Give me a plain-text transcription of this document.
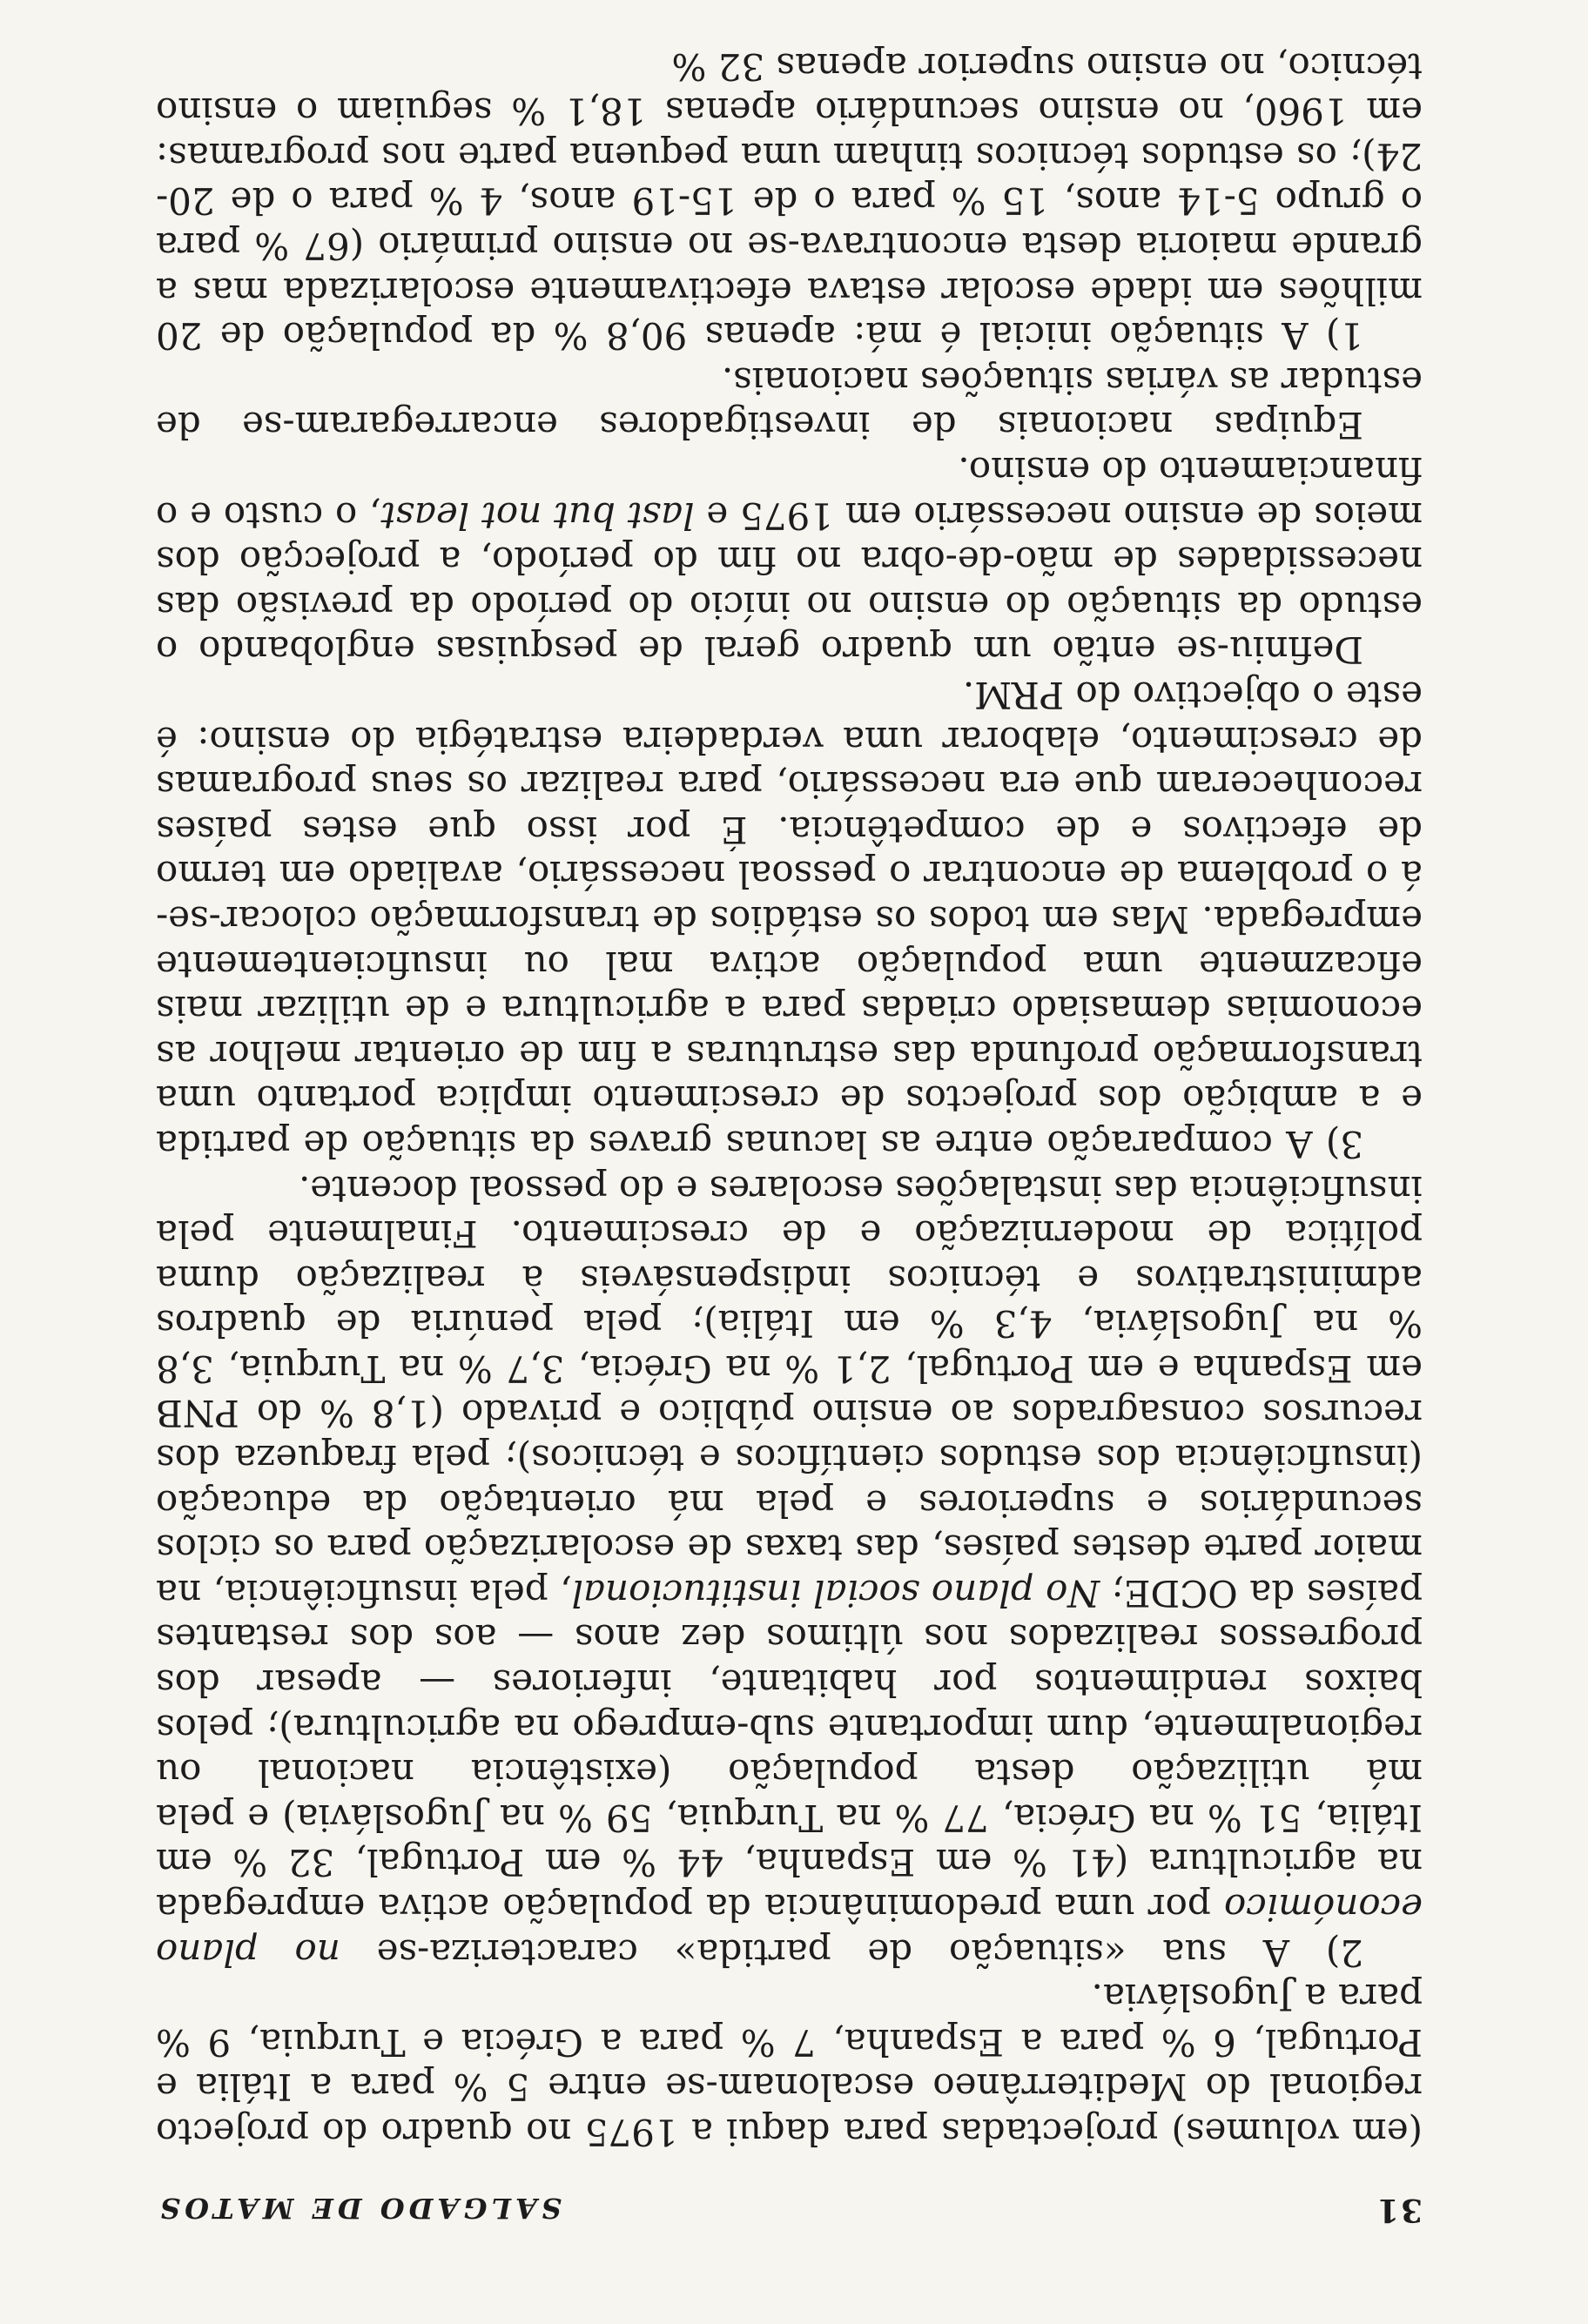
31
SALGADO DE MATOS

(em volumes) projectadas para daqui a 1975 no quadro do projecto regional do Mediterrâneo escalonam-se entre 5 % para a Itália e Portugal, 6 % para a Espanha, 7 % para a Grécia e Turquia, 9 % para a Jugoslávia.

2) A sua «situação de partida» caracteriza-se no plano económico por uma predominância da população activa empregada na agricultura (41 % em Espanha, 44 % em Portugal, 32 % em Itália, 51 % na Grécia, 77 % na Turquia, 59 % na Jugoslávia) e pela má utilização desta população (existência nacional ou regionalmente, dum importante sub-emprego na agricultura); pelos baixos rendimentos por habitante, inferiores — apesar dos progressos realizados nos últimos dez anos — aos dos restantes países da OCDE; No plano social institucional, pela insuficiência, na maior parte destes países, das taxas de escolarização para os ciclos secundários e superiores e pela má orientação da educação (insuficiência dos estudos científicos e técnicos); pela fraqueza dos recursos consagrados ao ensino público e privado (1,8 % do PNB em Espanha e em Portugal, 2,1 % na Grécia, 3,7 % na Turquia, 3,8 % na Jugoslávia, 4,3 % em Itália); pela penúria de quadros administrativos e técnicos indispensáveis à realização duma política de modernização e de crescimento. Finalmente pela insuficiência das instalações escolares e do pessoal docente.

3) A comparação entre as lacunas graves da situação de partida e a ambição dos projectos de crescimento implica portanto uma transformação profunda das estruturas a fim de orientar melhor as economias demasiado criadas para a agricultura e de utilizar mais eficazmente uma população activa mal ou insuficientemente empregada. Mas em todos os estádios de transformação colocar-se-á o problema de encontrar o pessoal necessário, avaliado em termo de efectivos e de competência. É por isso que estes países reconheceram que era necessário, para realizar os seus programas de crescimento, elaborar uma verdadeira estratégia do ensino: é este o objectivo do PRM.

Definiu-se então um quadro geral de pesquisas englobando o estudo da situação do ensino no início do período da previsão das necessidades de mão-de-obra no fim do período, a projecção dos meios de ensino necessário em 1975 e last but not least, o custo e o financiamento do ensino.

Equipas nacionais de investigadores encarregaram-se de estudar as várias situações nacionais.

1) A situação inicial é má: apenas 90,8 % da população de 20 milhões em idade escolar estava efectivamente escolarizada mas a grande maioria desta encontrava-se no ensino primário (67 % para o grupo 5-14 anos, 15 % para o de 15-19 anos, 4 % para o de 20-24); os estudos técnicos tinham uma pequena parte nos programas: em 1960, no ensino secundário apenas 18,1 % seguiam o ensino técnico, no ensino superior apenas 32 %
